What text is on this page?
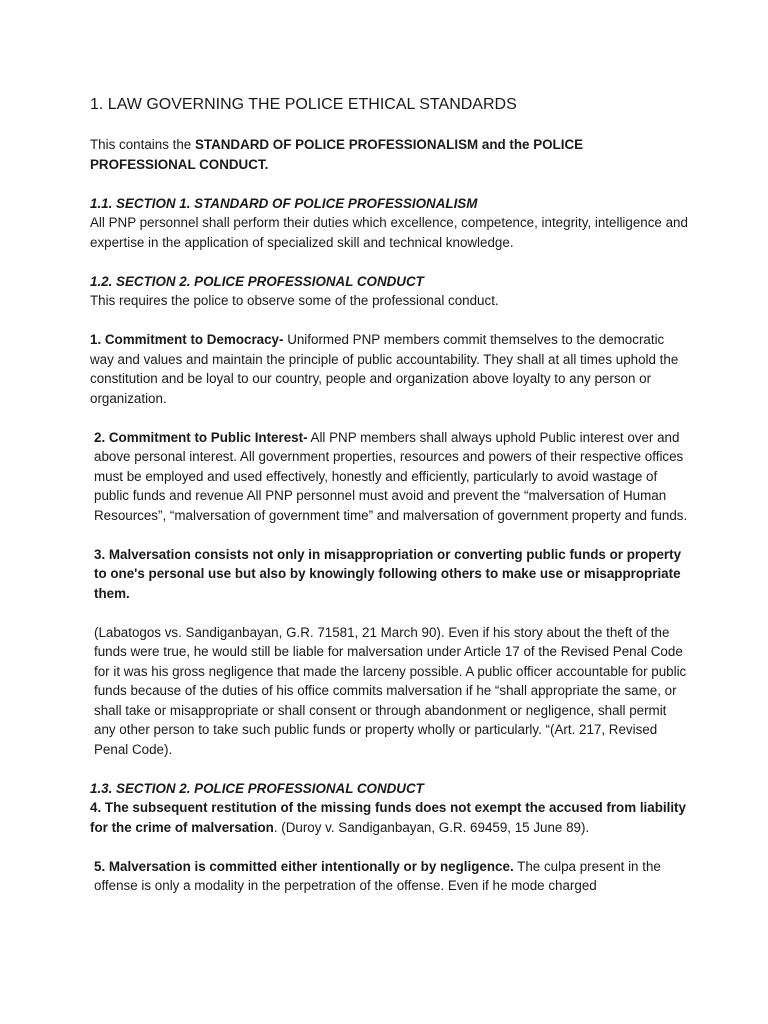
1. LAW GOVERNING THE POLICE ETHICAL STANDARDS

This contains the STANDARD OF POLICE PROFESSIONALISM and the POLICE PROFESSIONAL CONDUCT.

1.1. SECTION 1. STANDARD OF POLICE PROFESSIONALISM

All PNP personnel shall perform their duties which excellence, competence, integrity, intelligence and expertise in the application of specialized skill and technical knowledge.

1.2. SECTION 2. POLICE PROFESSIONAL CONDUCT

This requires the police to observe some of the professional conduct.

1. Commitment to Democracy- Uniformed PNP members commit themselves to the democratic way and values and maintain the principle of public accountability. They shall at all times uphold the constitution and be loyal to our country, people and organization above loyalty to any person or organization.

2. Commitment to Public Interest- All PNP members shall always uphold Public interest over and above personal interest. All government properties, resources and powers of their respective offices must be employed and used effectively, honestly and efficiently, particularly to avoid wastage of public funds and revenue All PNP personnel must avoid and prevent the “malversation of Human Resources”, “malversation of government time” and malversation of government property and funds.

3. Malversation consists not only in misappropriation or converting public funds or property to one's personal use but also by knowingly following others to make use or misappropriate them.

(Labatogos vs. Sandiganbayan, G.R. 71581, 21 March 90). Even if his story about the theft of the funds were true, he would still be liable for malversation under Article 17 of the Revised Penal Code for it was his gross negligence that made the larceny possible. A public officer accountable for public funds because of the duties of his office commits malversation if he “shall appropriate the same, or shall take or misappropriate or shall consent or through abandonment or negligence, shall permit any other person to take such public funds or property wholly or particularly. “(Art. 217, Revised Penal Code).

1.3. SECTION 2. POLICE PROFESSIONAL CONDUCT

4. The subsequent restitution of the missing funds does not exempt the accused from liability for the crime of malversation. (Duroy v. Sandiganbayan, G.R. 69459, 15 June 89).

5. Malversation is committed either intentionally or by negligence. The culpa present in the offense is only a modality in the perpetration of the offense. Even if he mode charged
